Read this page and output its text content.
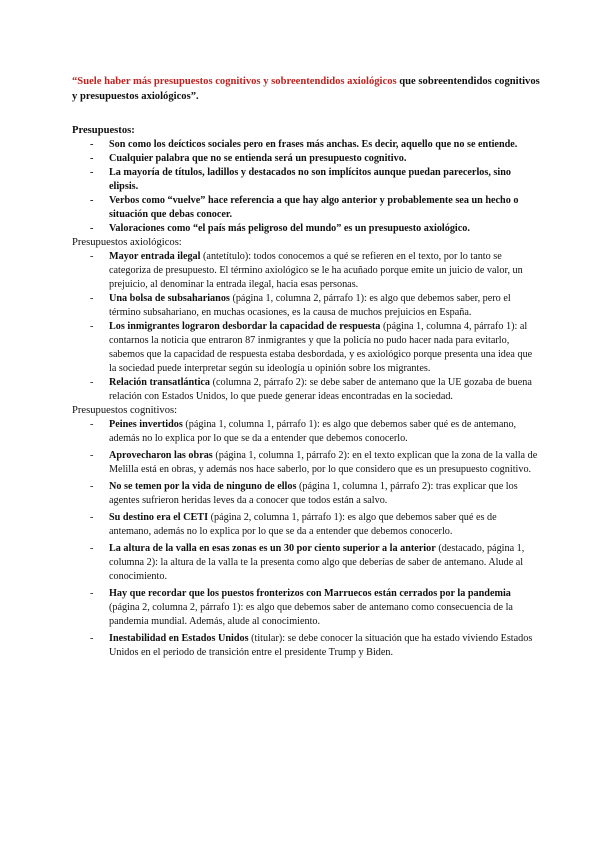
“Suele haber más presupuestos cognitivos y sobreentendidos axiológicos que sobreentendidos cognitivos y presupuestos axiológicos”.

Presupuestos:

- Son como los deícticos sociales pero en frases más anchas. Es decir, aquello que no se entiende.
- Cualquier palabra que no se entienda será un presupuesto cognitivo.
- La mayoría de títulos, ladillos y destacados no son implícitos aunque puedan parecerlos, sino elipsis.
- Verbos como “vuelve” hace referencia a que hay algo anterior y probablemente sea un hecho o situación que debas conocer.
- Valoraciones como “el país más peligroso del mundo” es un presupuesto axiológico.

Presupuestos axiológicos:

- Mayor entrada ilegal (antetítulo): todos conocemos a qué se refieren en el texto, por lo tanto se categoriza de presupuesto. El término axiológico se le ha acuñado porque emite un juicio de valor, un prejuicio, al denominar la entrada ilegal, hacia esas personas.
- Una bolsa de subsaharianos (página 1, columna 2, párrafo 1): es algo que debemos saber, pero el término subsahariano, en muchas ocasiones, es la causa de muchos prejuicios en España.
- Los inmigrantes lograron desbordar la capacidad de respuesta (página 1, columna 4, párrafo 1): al contarnos la noticia que entraron 87 inmigrantes y que la policía no pudo hacer nada para evitarlo, sabemos que la capacidad de respuesta estaba desbordada, y es axiológico porque presenta una idea que la sociedad puede interpretar según su ideología u opinión sobre los migrantes.
- Relación transatlántica (columna 2, párrafo 2): se debe saber de antemano que la UE gozaba de buena relación con Estados Unidos, lo que puede generar ideas encontradas en la sociedad.

Presupuestos cognitivos:

- Peines invertidos (página 1, columna 1, párrafo 1): es algo que debemos saber qué es de antemano, además no lo explica por lo que se da a entender que debemos conocerlo.
- Aprovecharon las obras (página 1, columna 1, párrafo 2): en el texto explican que la zona de la valla de Melilla está en obras, y además nos hace saberlo, por lo que considero que es un presupuesto cognitivo.
- No se temen por la vida de ninguno de ellos (página 1, columna 1, párrafo 2): tras explicar que los agentes sufrieron heridas leves da a conocer que todos están a salvo.
- Su destino era el CETI (página 2, columna 1, párrafo 1): es algo que debemos saber qué es de antemano, además no lo explica por lo que se da a entender que debemos conocerlo.
- La altura de la valla en esas zonas es un 30 por ciento superior a la anterior (destacado, página 1, columna 2): la altura de la valla te la presenta como algo que deberías de saber de antemano. Alude al conocimiento.
- Hay que recordar que los puestos fronterizos con Marruecos están cerrados por la pandemia (página 2, columna 2, párrafo 1): es algo que debemos saber de antemano como consecuencia de la pandemia mundial. Además, alude al conocimiento.
- Inestabilidad en Estados Unidos (titular): se debe conocer la situación que ha estado viviendo Estados Unidos en el periodo de transición entre el presidente Trump y Biden.
